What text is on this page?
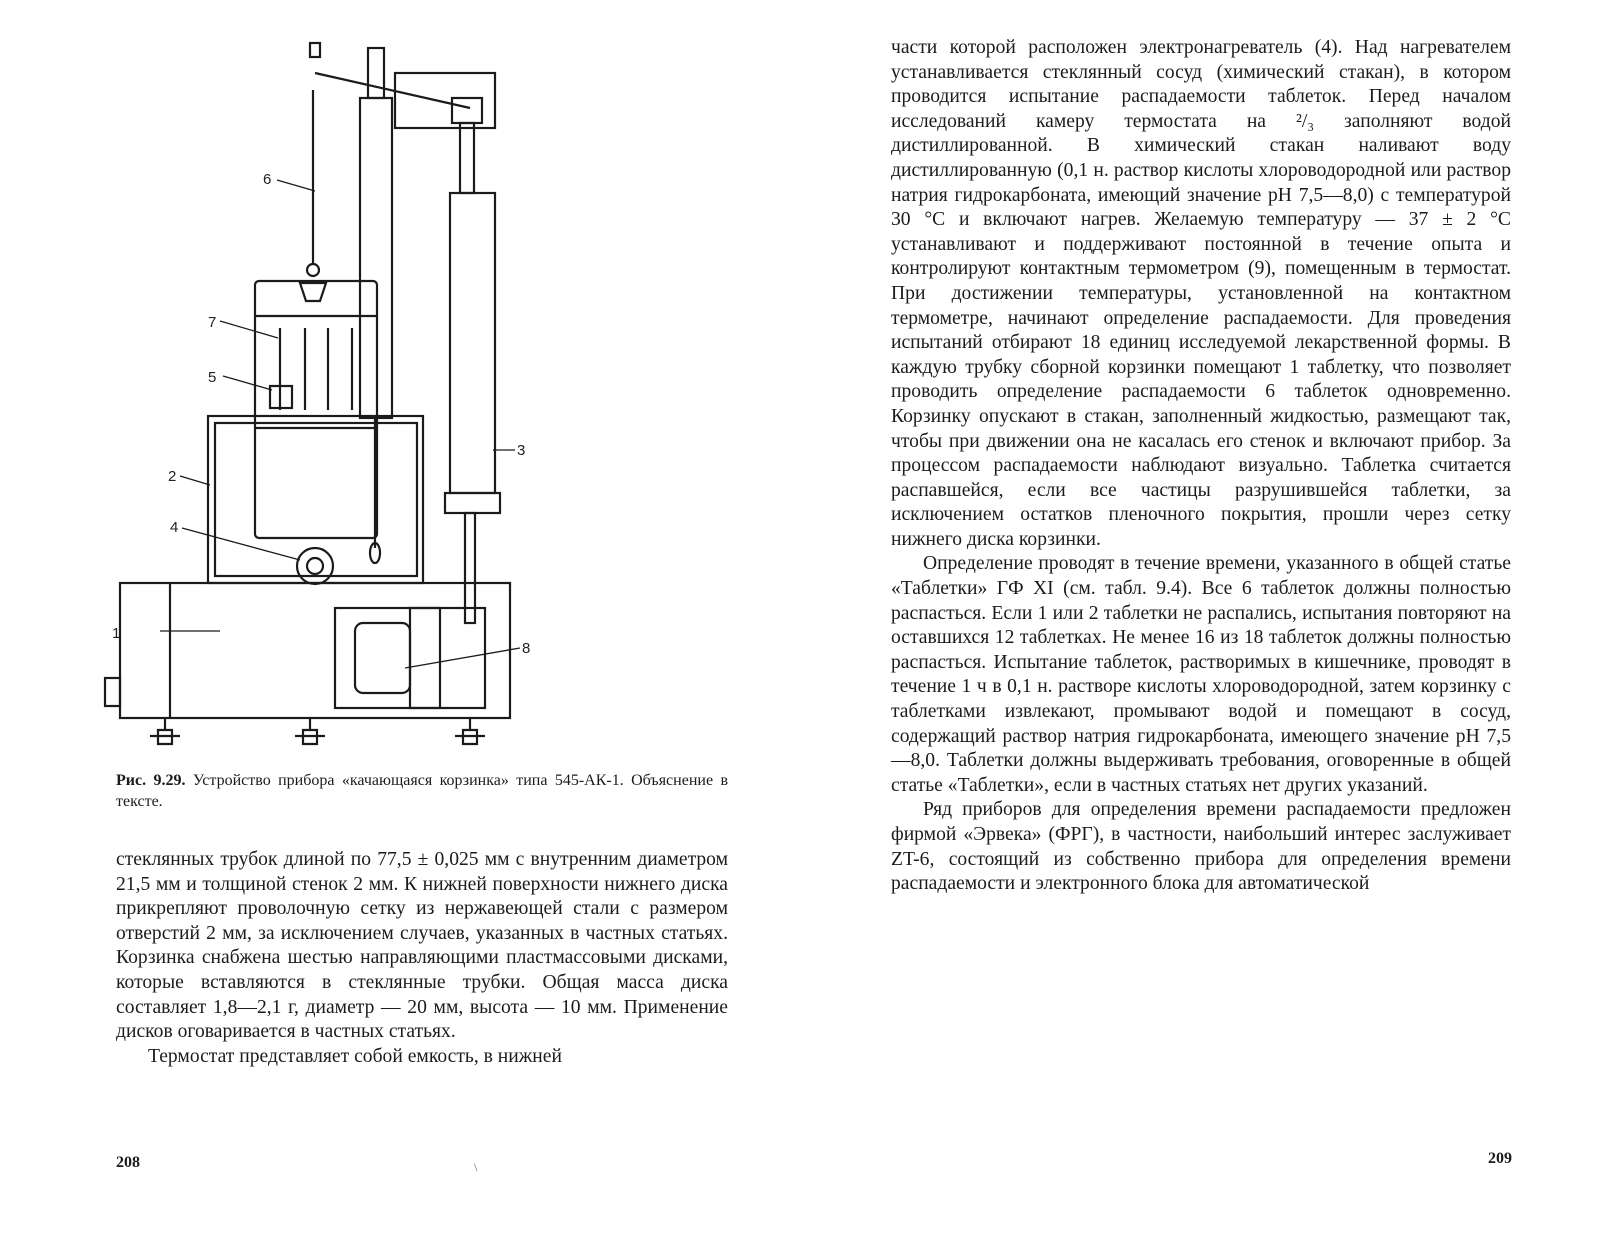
1
2
3
4
5
6
7
8
Рис. 9.29. Устройство прибора «качающаяся корзинка» типа 545-АК-1. Объяснение в тексте.

стеклянных трубок длиной по 77,5 ± 0,025 мм с внутренним диаметром 21,5 мм и толщиной стенок 2 мм. К нижней поверхности нижнего диска прикрепляют проволочную сетку из нержавеющей стали с размером отверстий 2 мм, за исключением случаев, указанных в частных статьях. Корзинка снабжена шестью направляющими пластмассовыми дисками, которые вставляются в стеклянные трубки. Общая масса диска составляет 1,8—2,1 г, диаметр — 20 мм, высота — 10 мм. Применение дисков оговаривается в частных статьях.

Термостат представляет собой емкость, в нижней

208	\

части которой расположен электронагреватель (4). Над нагревателем устанавливается стеклянный сосуд (химический стакан), в котором проводится испытание распадаемости таблеток. Перед началом исследований камеру термостата на ²/₃ заполняют водой дистиллированной. В химический стакан наливают воду дистиллированную (0,1 н. раствор кислоты хлороводородной или раствор натрия гидрокарбоната, имеющий значение pH 7,5—8,0) с температурой 30 °С и включают нагрев. Желаемую температуру — 37 ± 2 °С устанавливают и поддерживают постоянной в течение опыта и контролируют контактным термометром (9), помещенным в термостат. При достижении температуры, установленной на контактном термометре, начинают определение распадаемости. Для проведения испытаний отбирают 18 единиц исследуемой лекарственной формы. В каждую трубку сборной корзинки помещают 1 таблетку, что позволяет проводить определение распадаемости 6 таблеток одновременно. Корзинку опускают в стакан, заполненный жидкостью, размещают так, чтобы при движении она не касалась его стенок и включают прибор. За процессом распадаемости наблюдают визуально. Таблетка считается распавшейся, если все частицы разрушившейся таблетки, за исключением остатков пленочного покрытия, прошли через сетку нижнего диска корзинки.

Определение проводят в течение времени, указанного в общей статье «Таблетки» ГФ XI (см. табл. 9.4). Все 6 таблеток должны полностью распасться. Если 1 или 2 таблетки не распались, испытания повторяют на оставшихся 12 таблетках. Не менее 16 из 18 таблеток должны полностью распасться. Испытание таблеток, растворимых в кишечнике, проводят в течение 1 ч в 0,1 н. растворе кислоты хлороводородной, затем корзинку с таблетками извлекают, промывают водой и помещают в сосуд, содержащий раствор натрия гидрокарбоната, имеющего значение pH 7,5—8,0. Таблетки должны выдерживать требования, оговоренные в общей статье «Таблетки», если в частных статьях нет других указаний.

Ряд приборов для определения времени распадаемости предложен фирмой «Эрвека» (ФРГ), в частности, наибольший интерес заслуживает ZT-6, состоящий из собственно прибора для определения времени распадаемости и электронного блока для автоматической

209
